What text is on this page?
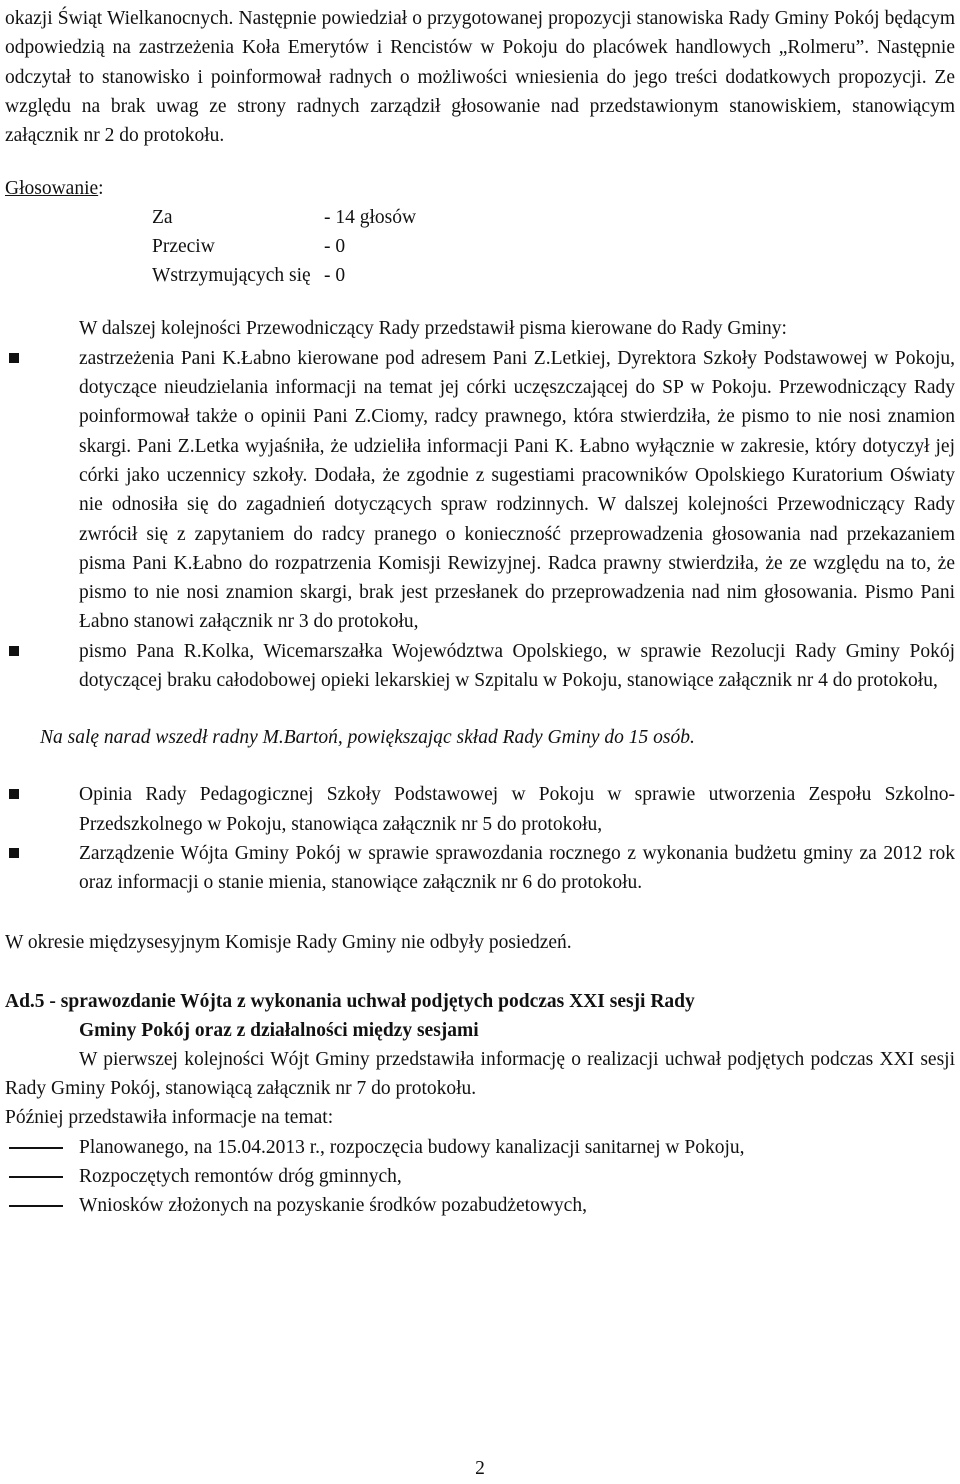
okazji Świąt Wielkanocnych. Następnie powiedział o przygotowanej propozycji stanowiska Rady Gminy Pokój będącym odpowiedzią na zastrzeżenia Koła Emerytów i Rencistów w Pokoju do placówek handlowych „Rolmeru”. Następnie odczytał to stanowisko i poinformował radnych o możliwości wniesienia do jego treści dodatkowych propozycji. Ze względu na brak uwag ze strony radnych zarządził głosowanie nad przedstawionym stanowiskiem, stanowiącym załącznik nr 2 do protokołu.

Głosowanie:

Za	- 14 głosów
Przeciw	- 0
Wstrzymujących się - 0

W dalszej kolejności Przewodniczący Rady przedstawił pisma kierowane do Rady Gminy:

zastrzeżenia Pani K.Łabno kierowane pod adresem Pani Z.Letkiej, Dyrektora Szkoły Podstawowej w Pokoju, dotyczące nieudzielania informacji na temat jej córki uczęszczającej do SP w Pokoju. Przewodniczący Rady poinformował także o opinii Pani Z.Ciomy, radcy prawnego, która stwierdziła, że pismo to nie nosi znamion skargi. Pani Z.Letka wyjaśniła, że udzieliła informacji Pani K. Łabno wyłącznie w zakresie, który dotyczył jej córki jako uczennicy szkoły. Dodała, że zgodnie z sugestiami pracowników Opolskiego Kuratorium Oświaty nie odnosiła się do zagadnień dotyczących spraw rodzinnych. W dalszej kolejności Przewodniczący Rady zwrócił się z zapytaniem do radcy pranego o konieczność przeprowadzenia głosowania nad przekazaniem pisma Pani K.Łabno do rozpatrzenia Komisji Rewizyjnej. Radca prawny stwierdziła, że ze względu na to, że pismo to nie nosi znamion skargi, brak jest przesłanek do przeprowadzenia nad nim głosowania. Pismo Pani Łabno stanowi załącznik nr 3 do protokołu,
pismo Pana R.Kolka, Wicemarszałka Województwa Opolskiego, w sprawie Rezolucji Rady Gminy Pokój dotyczącej braku całodobowej opieki lekarskiej w Szpitalu w Pokoju, stanowiące załącznik nr 4 do protokołu,

Na salę narad wszedł radny M.Bartoń, powiększając skład Rady Gminy do 15 osób.

Opinia Rady Pedagogicznej Szkoły Podstawowej w Pokoju w sprawie utworzenia Zespołu Szkolno-Przedszkolnego w Pokoju, stanowiąca załącznik nr 5 do protokołu,
Zarządzenie Wójta Gminy Pokój w sprawie sprawozdania rocznego z wykonania budżetu gminy za 2012 rok oraz informacji o stanie mienia, stanowiące załącznik nr 6 do protokołu.

W okresie międzysesyjnym Komisje Rady Gminy nie odbyły posiedzeń.

Ad.5 - sprawozdanie Wójta z wykonania uchwał podjętych podczas XXI sesji Rady
Gminy Pokój oraz z działalności między sesjami

W pierwszej kolejności Wójt Gminy przedstawiła informację o realizacji uchwał podjętych podczas XXI sesji Rady Gminy Pokój, stanowiącą załącznik nr 7 do protokołu.

Później przedstawiła informacje na temat:

Planowanego, na 15.04.2013 r., rozpoczęcia budowy kanalizacji sanitarnej w Pokoju,
Rozpoczętych remontów dróg gminnych,
Wniosków złożonych na pozyskanie środków pozabudżetowych,
2
